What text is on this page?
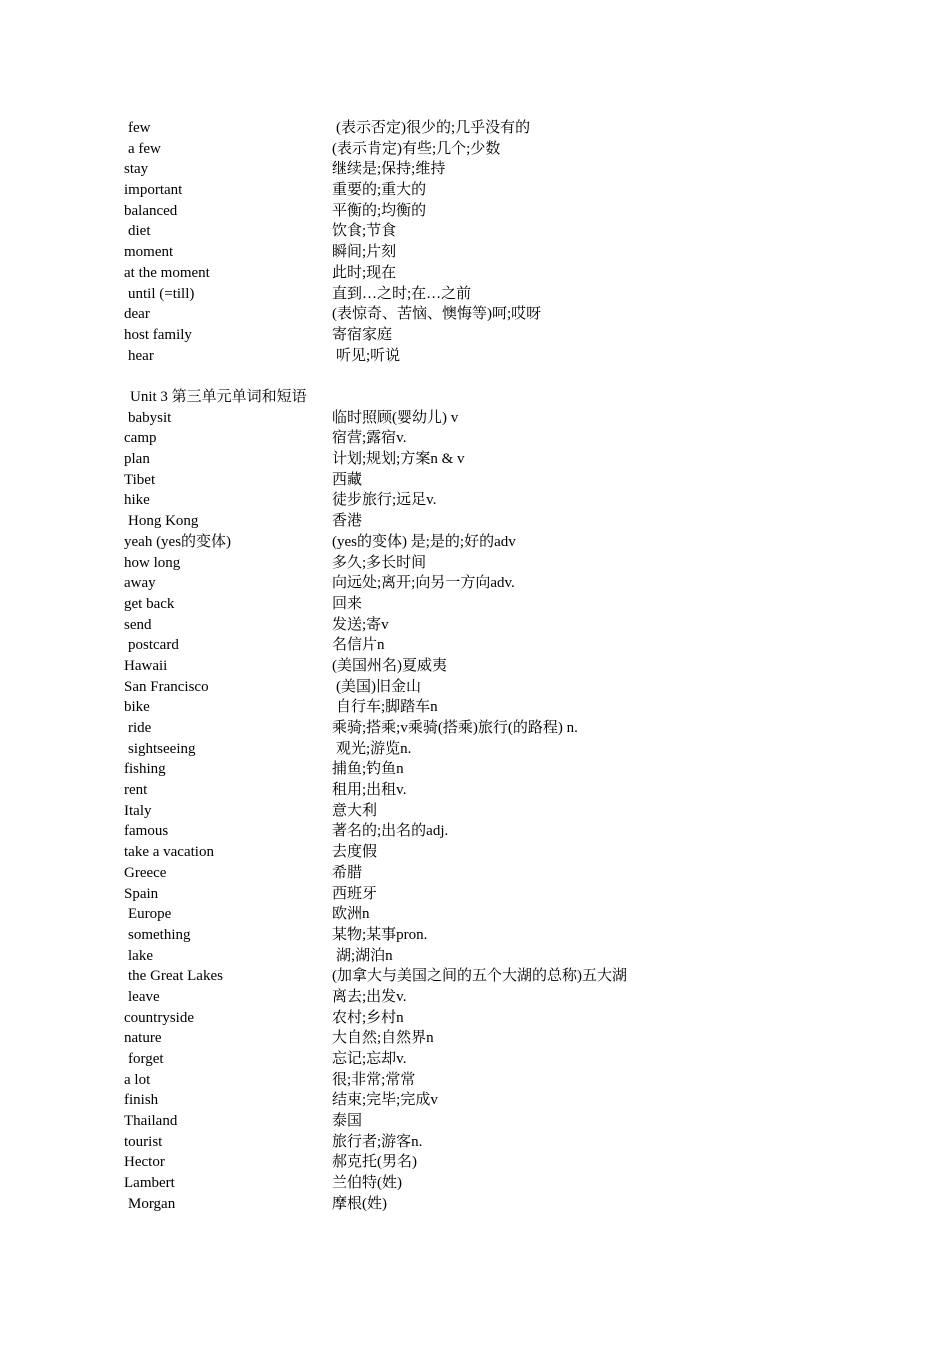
few	(表示否定)很少的;几乎没有的
a few	(表示肯定)有些;几个;少数
stay	继续是;保持;维持
important	重要的;重大的
balanced	平衡的;均衡的
diet	饮食;节食
moment	瞬间;片刻
at the moment	此时;现在
until (=till)	直到…之时;在…之前
dear	(表惊奇、苦恼、懊悔等)呵;哎呀
host family	寄宿家庭
hear	听见;听说
Unit 3 第三单元单词和短语
babysit	临时照顾(婴幼儿) v
camp	宿营;露宿v.
plan	计划;规划;方案n & v
Tibet	西藏
hike	徒步旅行;远足v.
Hong Kong	香港
yeah (yes的变体)	(yes的变体) 是;是的;好的adv
how long	多久;多长时间
away	向远处;离开;向另一方向adv.
get back	回来
send	发送;寄v
postcard	名信片n
Hawaii	(美国州名)夏威夷
San Francisco	(美国)旧金山
bike	自行车;脚踏车n
ride	乘骑;搭乘;v乘骑(搭乘)旅行(的路程) n.
sightseeing	观光;游览n.
fishing	捕鱼;钓鱼n
rent	租用;出租v.
Italy	意大利
famous	著名的;出名的adj.
take a vacation	去度假
Greece	希腊
Spain	西班牙
Europe	欧洲n
something	某物;某事pron.
lake	湖;湖泊n
the Great Lakes	(加拿大与美国之间的五个大湖的总称)五大湖
leave	离去;出发v.
countryside	农村;乡村n
nature	大自然;自然界n
forget	忘记;忘却v.
a lot	很;非常;常常
finish	结束;完毕;完成v
Thailand	泰国
tourist	旅行者;游客n.
Hector	郝克托(男名)
Lambert	兰伯特(姓)
Morgan	摩根(姓)
